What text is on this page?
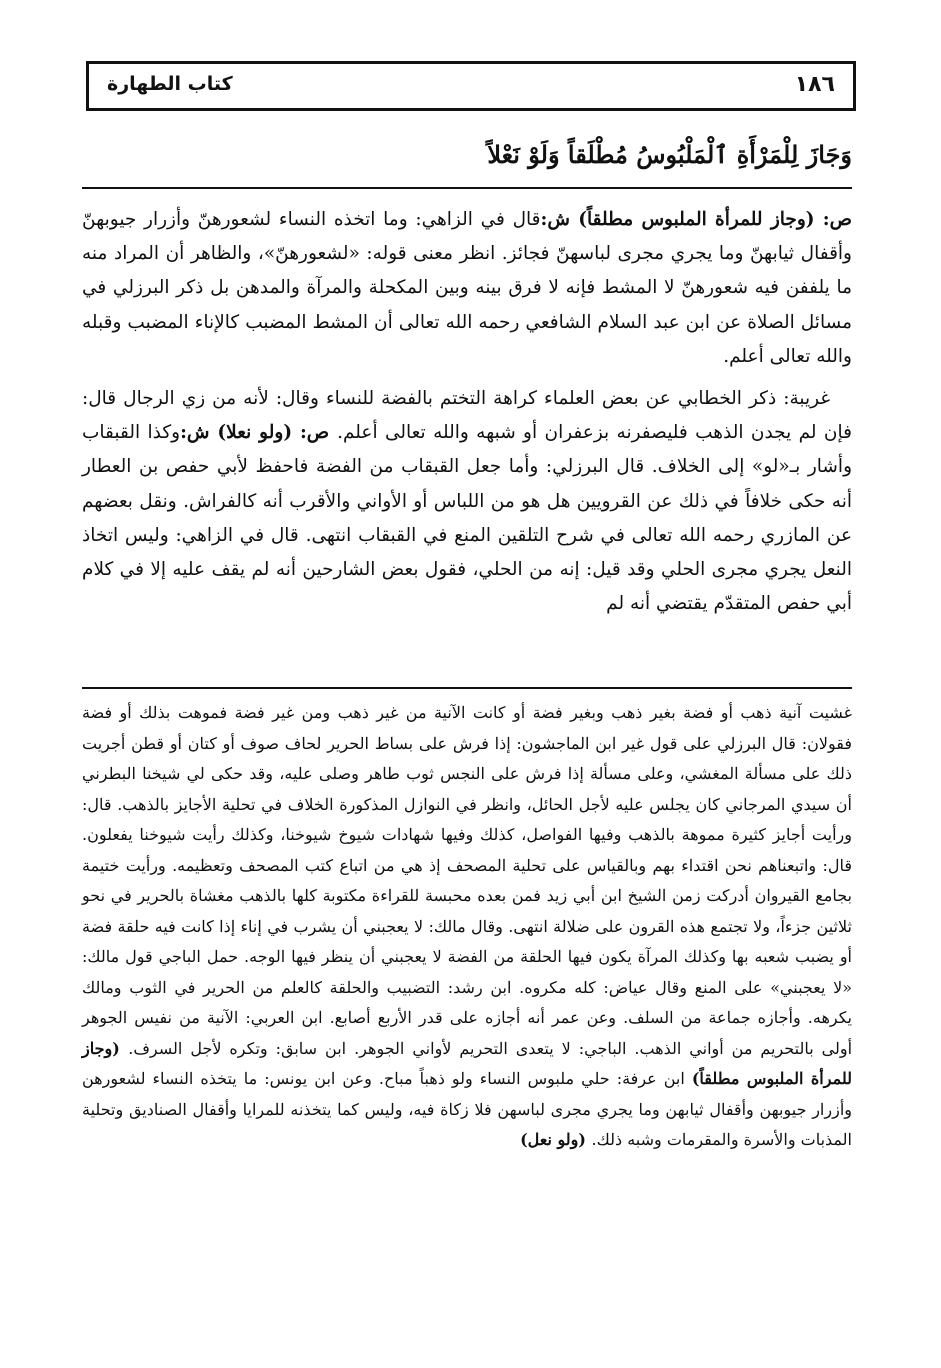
١٨٦
كتاب الطهارة
وَجَازَ لِلْمَرْأَةِ ٱلْمَلْبُوسُ مُطْلَقاً وَلَوْ نَعْلاً

ص: (وجاز للمرأة الملبوس مطلقاً) ش:قال في الزاهي: وما اتخذه النساء لشعورهنّ وأزرار جيوبهنّ وأقفال ثيابهنّ وما يجري مجرى لباسهنّ فجائز. انظر معنى قوله: «لشعورهنّ»، والظاهر أن المراد منه ما يلففن فيه شعورهنّ لا المشط فإنه لا فرق بينه وبين المكحلة والمرآة والمدهن بل ذكر البرزلي في مسائل الصلاة عن ابن عبد السلام الشافعي رحمه الله تعالى أن المشط المضبب كالإناء المضبب وقبله والله تعالى أعلم.

غريبة: ذكر الخطابي عن بعض العلماء كراهة التختم بالفضة للنساء وقال: لأنه من زي الرجال قال: فإن لم يجدن الذهب فليصفرنه بزعفران أو شبهه والله تعالى أعلم. ص: (ولو نعلا) ش:وكذا القبقاب وأشار بـ«لو» إلى الخلاف. قال البرزلي: وأما جعل القبقاب من الفضة فاحفظ لأبي حفص بن العطار أنه حكى خلافاً في ذلك عن القرويين هل هو من اللباس أو الأواني والأقرب أنه كالفراش. ونقل بعضهم عن المازري رحمه الله تعالى في شرح التلقين المنع في القبقاب انتهى. قال في الزاهي: وليس اتخاذ النعل يجري مجرى الحلي وقد قيل: إنه من الحلي، فقول بعض الشارحين أنه لم يقف عليه إلا في كلام أبي حفص المتقدّم يقتضي أنه لم

غشيت آنية ذهب أو فضة بغير ذهب وبغير فضة أو كانت الآنية من غير ذهب ومن غير فضة فموهت بذلك أو فضة فقولان: قال البرزلي على قول غير ابن الماجشون: إذا فرش على بساط الحرير لحاف صوف أو كتان أو قطن أجريت ذلك على مسألة المغشي، وعلى مسألة إذا فرش على النجس ثوب طاهر وصلى عليه، وقد حكى لي شيخنا البطرني أن سيدي المرجاني كان يجلس عليه لأجل الحائل، وانظر في النوازل المذكورة الخلاف في تحلية الأجايز بالذهب. قال: ورأيت أجايز كثيرة مموهة بالذهب وفيها الفواصل، كذلك وفيها شهادات شيوخ شيوخنا، وكذلك رأيت شيوخنا يفعلون. قال: واتبعناهم نحن اقتداء بهم وبالقياس على تحلية المصحف إذ هي من اتباع كتب المصحف وتعظيمه. ورأيت ختيمة بجامع القيروان أدركت زمن الشيخ ابن أبي زيد فمن بعده محبسة للقراءة مكتوبة كلها بالذهب مغشاة بالحرير في نحو ثلاثين جزءاً، ولا تجتمع هذه القرون على ضلالة انتهى. وقال مالك: لا يعجبني أن يشرب في إناء إذا كانت فيه حلقة فضة أو يضبب شعبه بها وكذلك المرآة يكون فيها الحلقة من الفضة لا يعجبني أن ينظر فيها الوجه. حمل الباجي قول مالك: «لا يعجبني» على المنع وقال عياض: كله مكروه. ابن رشد: التضبيب والحلقة كالعلم من الحرير في الثوب ومالك يكرهه. وأجازه جماعة من السلف. وعن عمر أنه أجازه على قدر الأربع أصابع. ابن العربي: الآنية من نفيس الجوهر أولى بالتحريم من أواني الذهب. الباجي: لا يتعدى التحريم لأواني الجوهر. ابن سابق: وتكره لأجل السرف. (وجاز للمرأة الملبوس مطلقاً) ابن عرفة: حلي ملبوس النساء ولو ذهباً مباح. وعن ابن يونس: ما يتخذه النساء لشعورهن وأزرار جيوبهن وأقفال ثيابهن وما يجري مجرى لباسهن فلا زكاة فيه، وليس كما يتخذنه للمرايا وأقفال الصناديق وتحلية المذبات والأسرة والمقرمات وشبه ذلك. (ولو نعل)
